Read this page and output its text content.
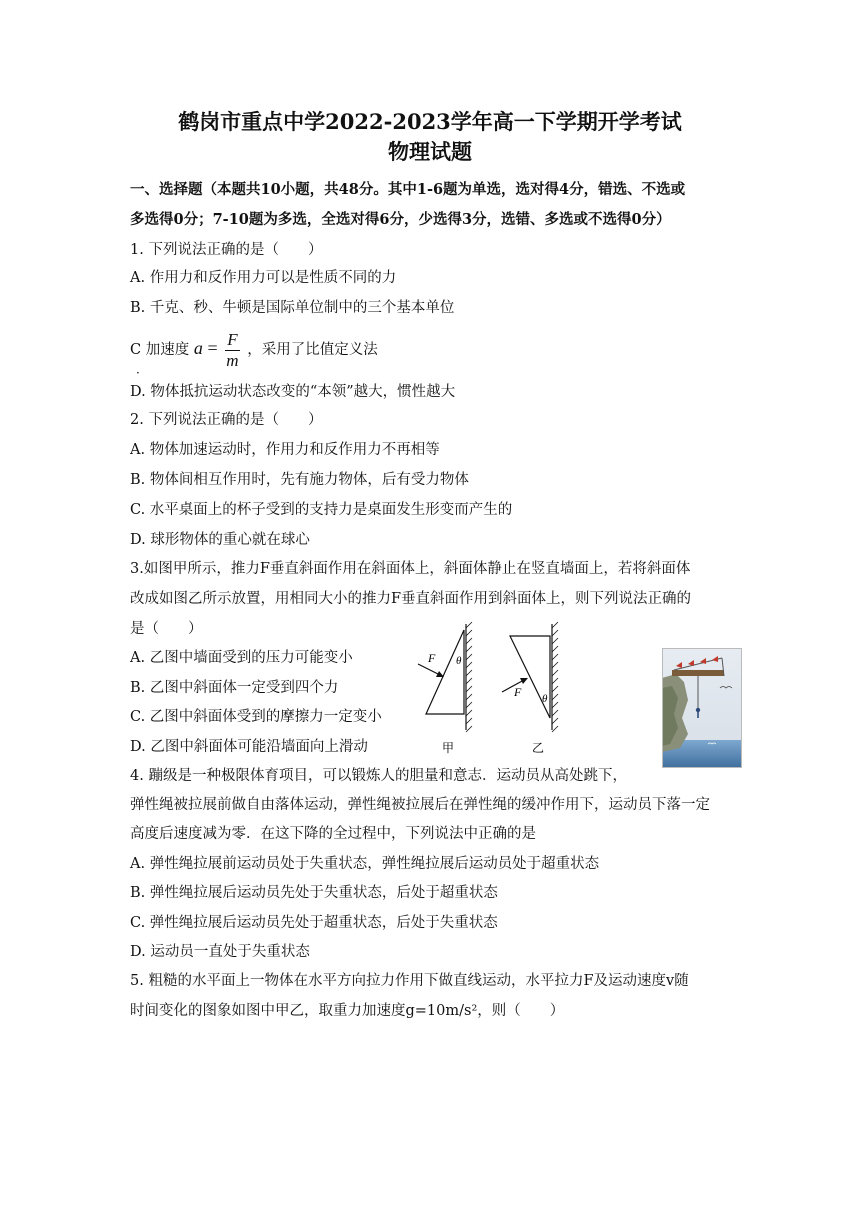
鹤岗市重点中学2022-2023学年高一下学期开学考试
物理试题
一、选择题（本题共10小题，共48分。其中1-6题为单选，选对得4分，错选、不选或
多选得0分；7-10题为多选，全选对得6分，少选得3分，选错、多选或不选得0分）
1. 下列说法正确的是（　　）
A. 作用力和反作用力可以是性质不同的力
B. 千克、秒、牛顿是国际单位制中的三个基本单位
C 加速度 $a = \frac{F}{m}$ ，采用了比值定义法
·
D. 物体抵抗运动状态改变的“本领”越大，惯性越大
2. 下列说法正确的是（　　）
A. 物体加速运动时，作用力和反作用力不再相等
B. 物体间相互作用时，先有施力物体，后有受力物体
C. 水平桌面上的杯子受到的支持力是桌面发生形变而产生的
D. 球形物体的重心就在球心
3.如图甲所示，推力F垂直斜面作用在斜面体上，斜面体静止在竖直墙面上，若将斜面体
改成如图乙所示放置，用相同大小的推力F垂直斜面作用到斜面体上，则下列说法正确的
是（　　）
A. 乙图中墙面受到的压力可能变小
B. 乙图中斜面体一定受到四个力
C. 乙图中斜面体受到的摩擦力一定变小
D. 乙图中斜面体可能沿墙面向上滑动
F θ
甲
F θ
乙
4. 蹦级是一种极限体育项目，可以锻炼人的胆量和意志．运动员从高处跳下，
弹性绳被拉展前做自由落体运动，弹性绳被拉展后在弹性绳的缓冲作用下，运动员下落一定
高度后速度减为零．在这下降的全过程中，下列说法中正确的是
A. 弹性绳拉展前运动员处于失重状态，弹性绳拉展后运动员处于超重状态
B. 弹性绳拉展后运动员先处于失重状态，后处于超重状态
C. 弹性绳拉展后运动员先处于超重状态，后处于失重状态
D. 运动员一直处于失重状态
5. 粗糙的水平面上一物体在水平方向拉力作用下做直线运动，水平拉力F及运动速度v随
时间变化的图象如图中甲乙，取重力加速度g=10m/s²，则（　　）
